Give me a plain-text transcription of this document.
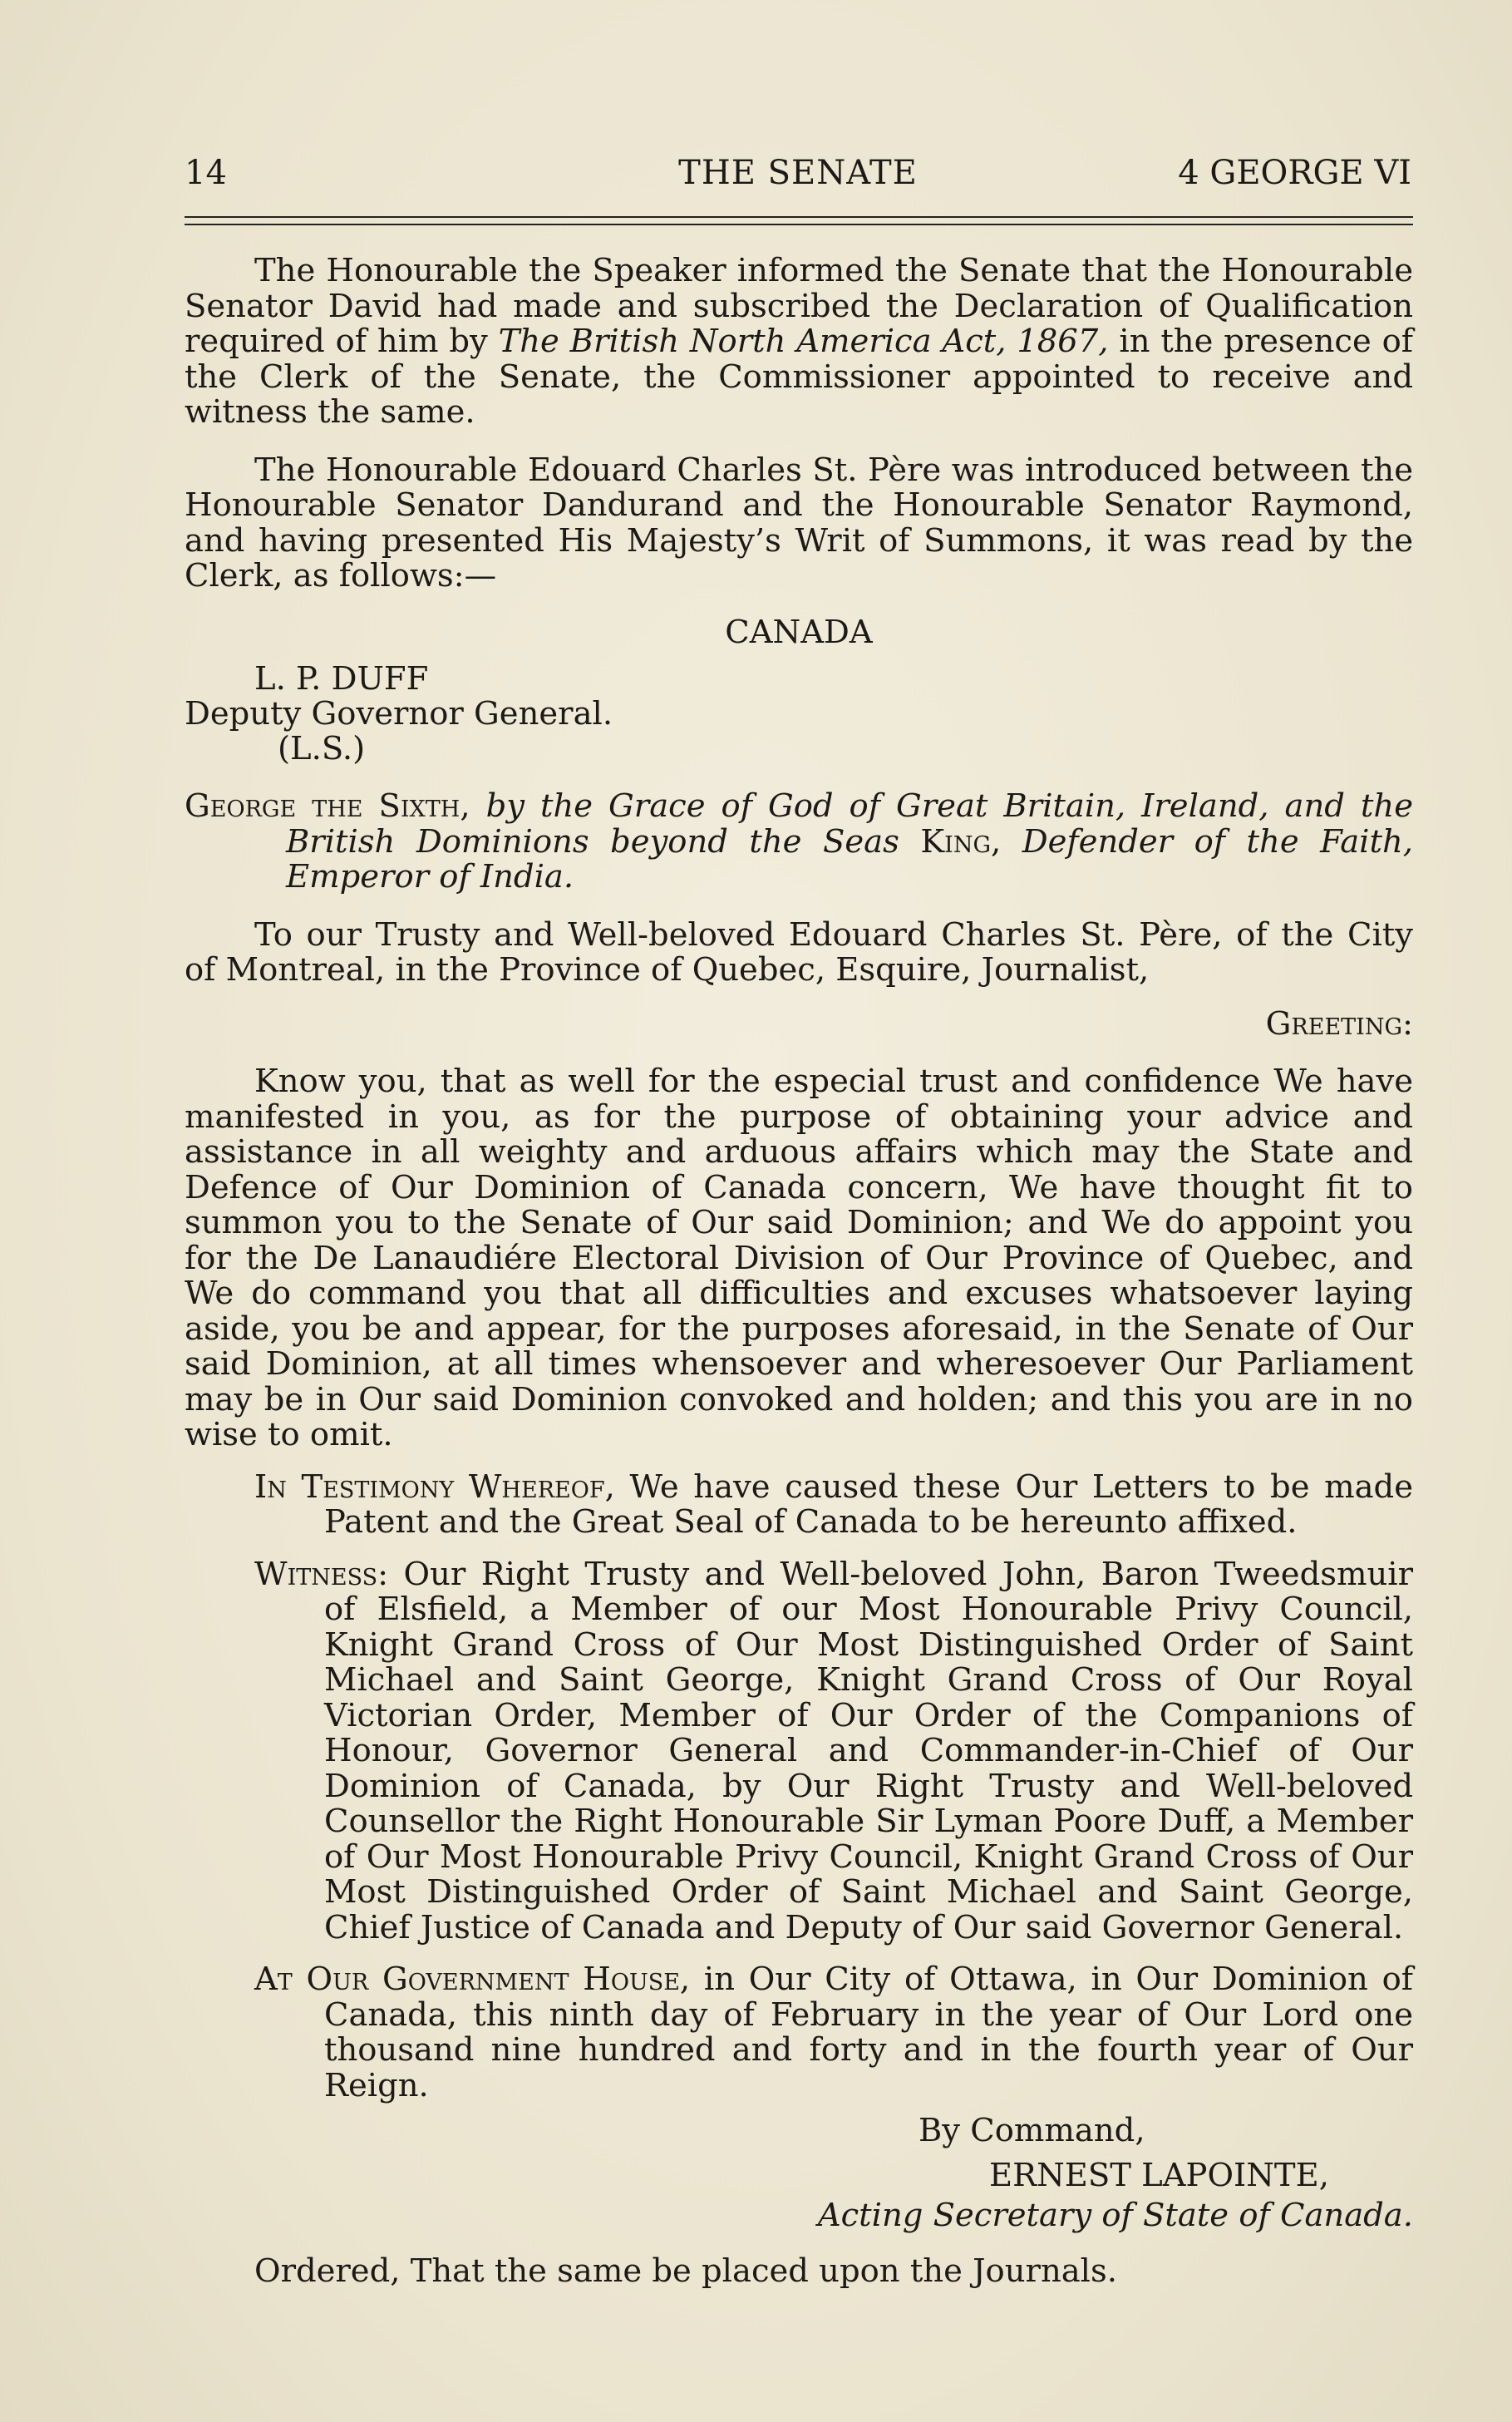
14	THE SENATE	4 GEORGE VI

The Honourable the Speaker informed the Senate that the Honourable Senator David had made and subscribed the Declaration of Qualification required of him by The British North America Act, 1867, in the presence of the Clerk of the Senate, the Commissioner appointed to receive and witness the same.

The Honourable Edouard Charles St. Père was introduced between the Honourable Senator Dandurand and the Honourable Senator Raymond, and having presented His Majesty’s Writ of Summons, it was read by the Clerk, as follows:—

CANADA

L. P. DUFF

Deputy Governor General.

(L.S.)

George the Sixth, by the Grace of God of Great Britain, Ireland, and the British Dominions beyond the Seas King, Defender of the Faith, Emperor of India.

To our Trusty and Well-beloved Edouard Charles St. Père, of the City of Montreal, in the Province of Quebec, Esquire, Journalist,

Greeting:

Know you, that as well for the especial trust and confidence We have manifested in you, as for the purpose of obtaining your advice and assistance in all weighty and arduous affairs which may the State and Defence of Our Dominion of Canada concern, We have thought fit to summon you to the Senate of Our said Dominion; and We do appoint you for the De Lanaudiére Electoral Division of Our Province of Quebec, and We do command you that all difficulties and excuses whatsoever laying aside, you be and appear, for the purposes aforesaid, in the Senate of Our said Dominion, at all times whensoever and wheresoever Our Parliament may be in Our said Dominion convoked and holden; and this you are in no wise to omit.

In Testimony Whereof, We have caused these Our Letters to be made Patent and the Great Seal of Canada to be hereunto affixed.

Witness: Our Right Trusty and Well-beloved John, Baron Tweedsmuir of Elsfield, a Member of our Most Honourable Privy Council, Knight Grand Cross of Our Most Distinguished Order of Saint Michael and Saint George, Knight Grand Cross of Our Royal Victorian Order, Member of Our Order of the Companions of Honour, Governor General and Commander-in-Chief of Our Dominion of Canada, by Our Right Trusty and Well-beloved Counsellor the Right Honourable Sir Lyman Poore Duff, a Member of Our Most Honourable Privy Council, Knight Grand Cross of Our Most Distinguished Order of Saint Michael and Saint George, Chief Justice of Canada and Deputy of Our said Governor General.

At Our Government House, in Our City of Ottawa, in Our Dominion of Canada, this ninth day of February in the year of Our Lord one thousand nine hundred and forty and in the fourth year of Our Reign.

By Command,

ERNEST LAPOINTE,

Acting Secretary of State of Canada.

Ordered, That the same be placed upon the Journals.
